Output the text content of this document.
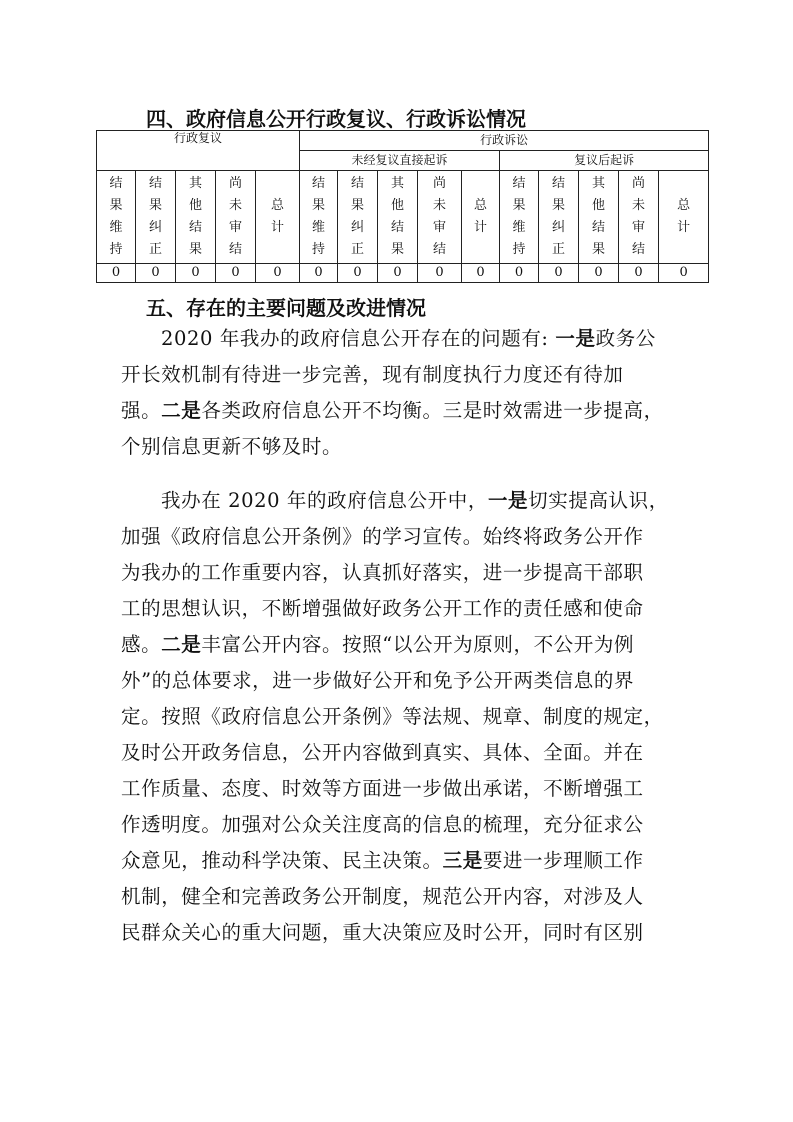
四、政府信息公开行政复议、行政诉讼情况
行政复议					行政诉讼									
					未经复议直接起诉					复议后起诉				
结果维持	结果纠正	其他结果	尚未审结	总计	结果维持	结果纠正	其他结果	尚未审结	总计	结果维持	结果纠正	其他结果	尚未审结	总计
0	0	0	0	0	0	0	0	0	0	0	0	0	0	0
五、存在的主要问题及改进情况
2020 年我办的政府信息公开存在的问题有: 一是政务公
开长效机制有待进一步完善，现有制度执行力度还有待加
强。二是各类政府信息公开不均衡。三是时效需进一步提高，
个别信息更新不够及时。
我办在 2020 年的政府信息公开中，一是切实提高认识，
加强《政府信息公开条例》的学习宣传。始终将政务公开作
为我办的工作重要内容，认真抓好落实，进一步提高干部职
工的思想认识，不断增强做好政务公开工作的责任感和使命
感。二是丰富公开内容。按照“以公开为原则，不公开为例
外”的总体要求，进一步做好公开和免予公开两类信息的界
定。按照《政府信息公开条例》等法规、规章、制度的规定，
及时公开政务信息，公开内容做到真实、具体、全面。并在
工作质量、态度、时效等方面进一步做出承诺，不断增强工
作透明度。加强对公众关注度高的信息的梳理，充分征求公
众意见，推动科学决策、民主决策。三是要进一步理顺工作
机制，健全和完善政务公开制度，规范公开内容，对涉及人
民群众关心的重大问题，重大决策应及时公开，同时有区别
